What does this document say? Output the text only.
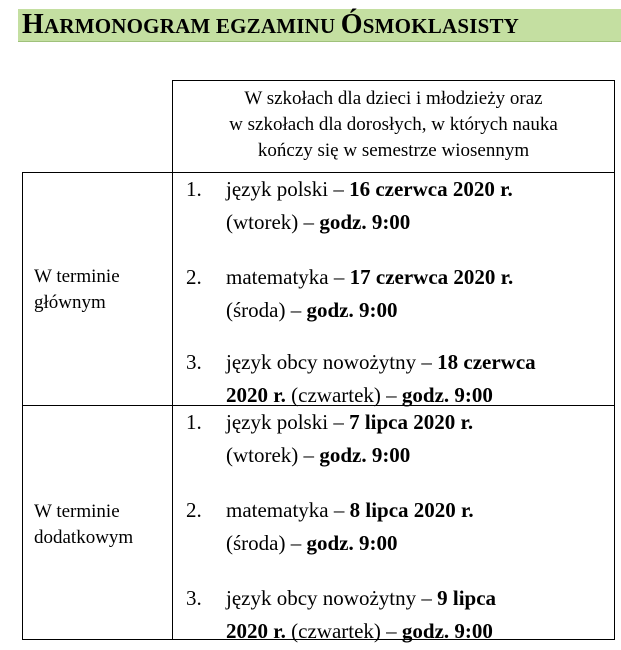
HARMONOGRAM EGZAMINU ÓSMOKLASISTY
W szkołach dla dzieci i młodzieży oraz
w szkołach dla dorosłych, w których nauka
kończy się w semestrze wiosennym
W terminie
głównym
1. język polski – 16 czerwca 2020 r.
(wtorek) – godz. 9:00
2. matematyka – 17 czerwca 2020 r.
(środa) – godz. 9:00
3. język obcy nowożytny – 18 czerwca
2020 r. (czwartek) – godz. 9:00
W terminie
dodatkowym
1. język polski – 7 lipca 2020 r.
(wtorek) – godz. 9:00
2. matematyka – 8 lipca 2020 r.
(środa) – godz. 9:00
3. język obcy nowożytny – 9 lipca
2020 r. (czwartek) – godz. 9:00
